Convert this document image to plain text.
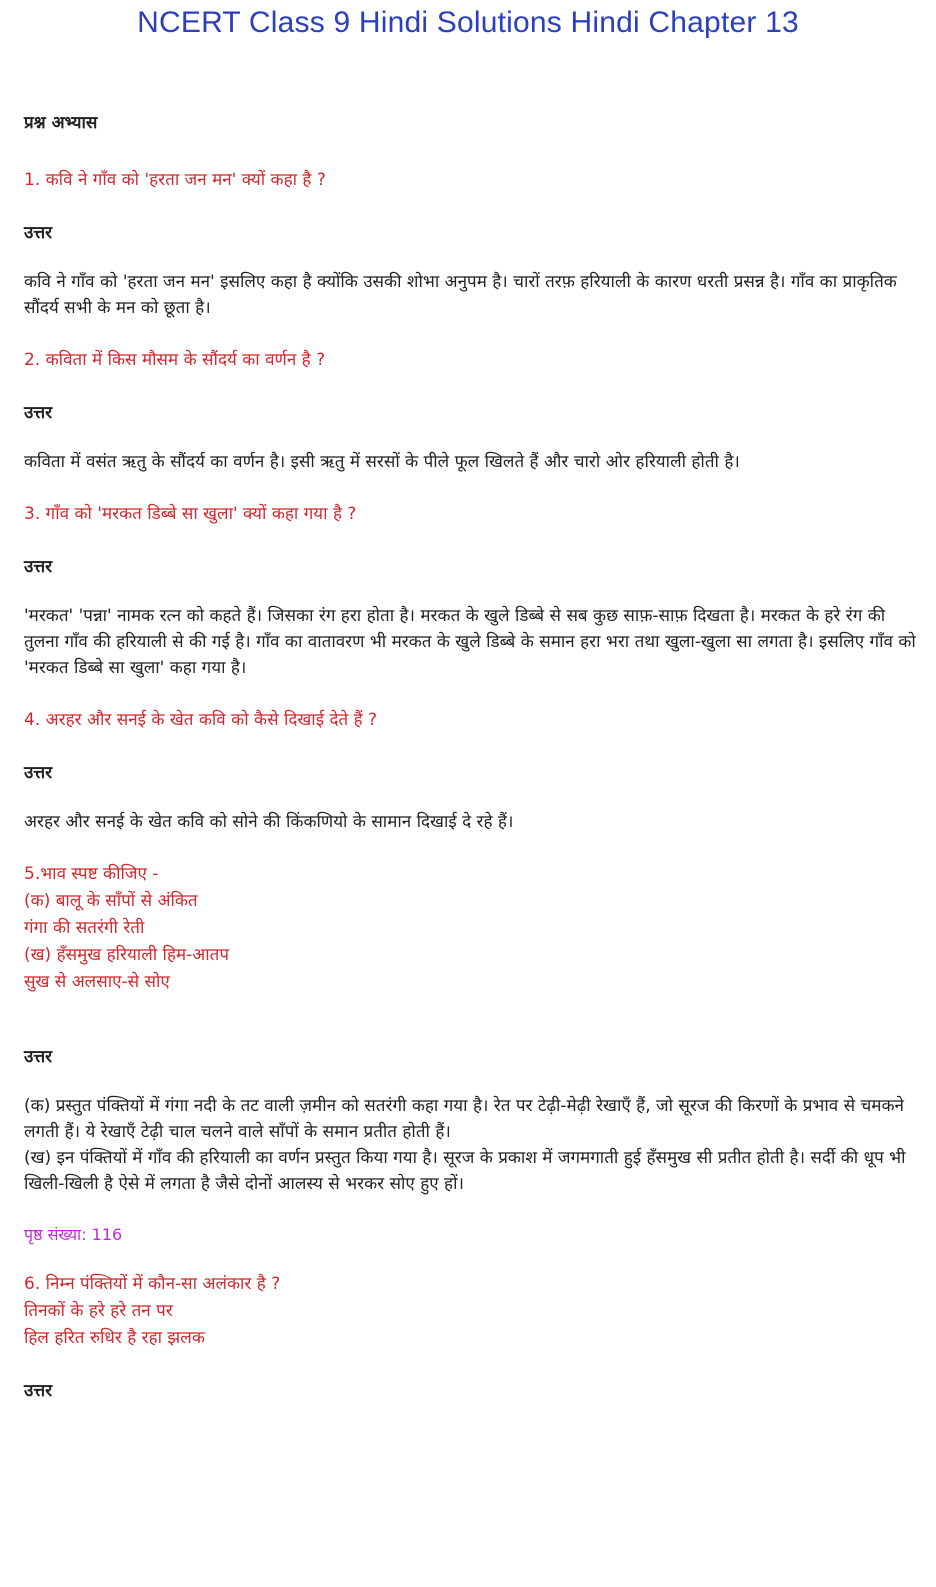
NCERT Class 9 Hindi Solutions Hindi Chapter 13
प्रश्न अभ्यास
1. कवि ने गाँव को 'हरता जन मन' क्यों कहा है ?
उत्तर
कवि ने गाँव को 'हरता जन मन' इसलिए कहा है क्योंकि उसकी शोभा अनुपम है। चारों तरफ़ हरियाली के कारण धरती प्रसन्न है। गाँव का प्राकृतिक सौंदर्य सभी के मन को छूता है।
2. कविता में किस मौसम के सौंदर्य का वर्णन है ?
उत्तर
कविता में वसंत ऋतु के सौंदर्य का वर्णन है। इसी ऋतु में सरसों के पीले फूल खिलते हैं और चारो ओर हरियाली होती है।
3. गाँव को 'मरकत डिब्बे सा खुला' क्यों कहा गया है ?
उत्तर
'मरकत' 'पन्ना' नामक रत्न को कहते हैं। जिसका रंग हरा होता है। मरकत के खुले डिब्बे से सब कुछ साफ़-साफ़ दिखता है। मरकत के हरे रंग की तुलना गाँव की हरियाली से की गई है। गाँव का वातावरण भी मरकत के खुले डिब्बे के समान हरा भरा तथा खुला-खुला सा लगता है। इसलिए गाँव को 'मरकत डिब्बे सा खुला' कहा गया है।
4. अरहर और सनई के खेत कवि को कैसे दिखाई देते हैं ?
उत्तर
अरहर और सनई के खेत कवि को सोने की किंकणियो के सामान दिखाई दे रहे हैं।
5.भाव स्पष्ट कीजिए -
(क) बालू के साँपों से अंकित
गंगा की सतरंगी रेती
(ख) हँसमुख हरियाली हिम-आतप
सुख से अलसाए-से सोए
उत्तर
(क) प्रस्तुत पंक्तियों में गंगा नदी के तट वाली ज़मीन को सतरंगी कहा गया है। रेत पर टेढ़ी-मेढ़ी रेखाएँ हैं, जो सूरज की किरणों के प्रभाव से चमकने लगती हैं। ये रेखाएँ टेढ़ी चाल चलने वाले साँपों के समान प्रतीत होती हैं।
(ख) इन पंक्तियों में गाँव की हरियाली का वर्णन प्रस्तुत किया गया है। सूरज के प्रकाश में जगमगाती हुई हँसमुख सी प्रतीत होती है। सर्दी की धूप भी खिली-खिली है ऐसे में लगता है जैसे दोनों आलस्य से भरकर सोए हुए हों।
पृष्ठ संख्या: 116
6. निम्न पंक्तियों में कौन-सा अलंकार है ?
तिनकों के हरे हरे तन पर
हिल हरित रुधिर है रहा झलक
उत्तर
